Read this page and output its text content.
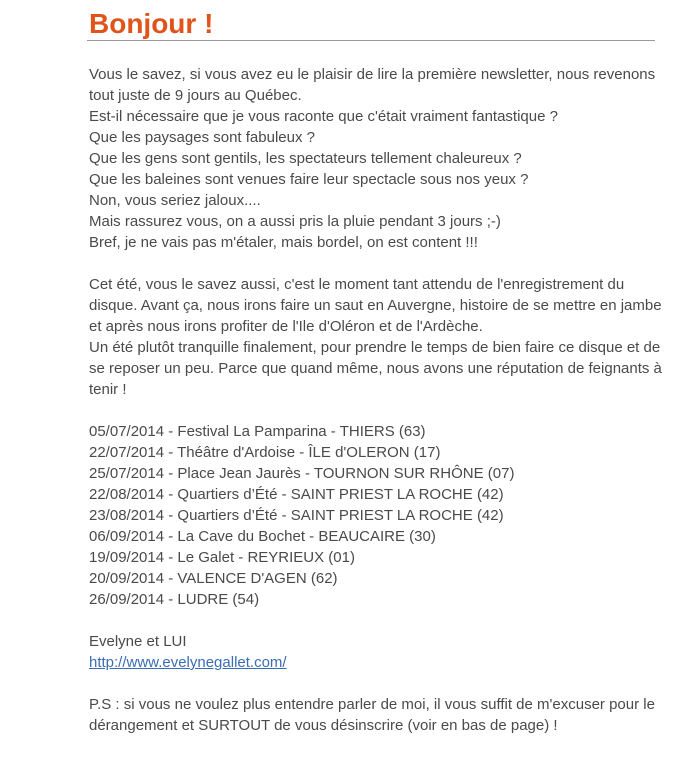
Bonjour !

Vous le savez, si vous avez eu le plaisir de lire la première newsletter, nous revenons
tout juste de 9 jours au Québec.
Est-il nécessaire que je vous raconte que c'était vraiment fantastique ?
Que les paysages sont fabuleux ?
Que les gens sont gentils, les spectateurs tellement chaleureux ?
Que les baleines sont venues faire leur spectacle sous nos yeux ?
Non, vous seriez jaloux....
Mais rassurez vous, on a aussi pris la pluie pendant 3 jours ;-)
Bref, je ne vais pas m'étaler, mais bordel, on est content !!!

Cet été, vous le savez aussi, c'est le moment tant attendu de l'enregistrement du
disque. Avant ça, nous irons faire un saut en Auvergne, histoire de se mettre en jambe
et après nous irons profiter de l'Ile d'Oléron et de l'Ardèche.
Un été plutôt tranquille finalement, pour prendre le temps de bien faire ce disque et de
se reposer un peu. Parce que quand même, nous avons une réputation de feignants à
tenir !

05/07/2014 - Festival La Pamparina - THIERS (63)
22/07/2014 - Théâtre d'Ardoise - ÎLE d'OLERON (17)
25/07/2014 - Place Jean Jaurès - TOURNON SUR RHÔNE (07)
22/08/2014 - Quartiers d’Été - SAINT PRIEST LA ROCHE (42)
23/08/2014 - Quartiers d’Été - SAINT PRIEST LA ROCHE (42)
06/09/2014 - La Cave du Bochet - BEAUCAIRE (30)
19/09/2014 - Le Galet - REYRIEUX (01)
20/09/2014 - VALENCE D'AGEN (62)
26/09/2014 - LUDRE (54)
Evelyne et LUI
http://www.evelynegallet.com/

P.S : si vous ne voulez plus entendre parler de moi, il vous suffit de m'excuser pour le
dérangement et SURTOUT de vous désinscrire (voir en bas de page) !
